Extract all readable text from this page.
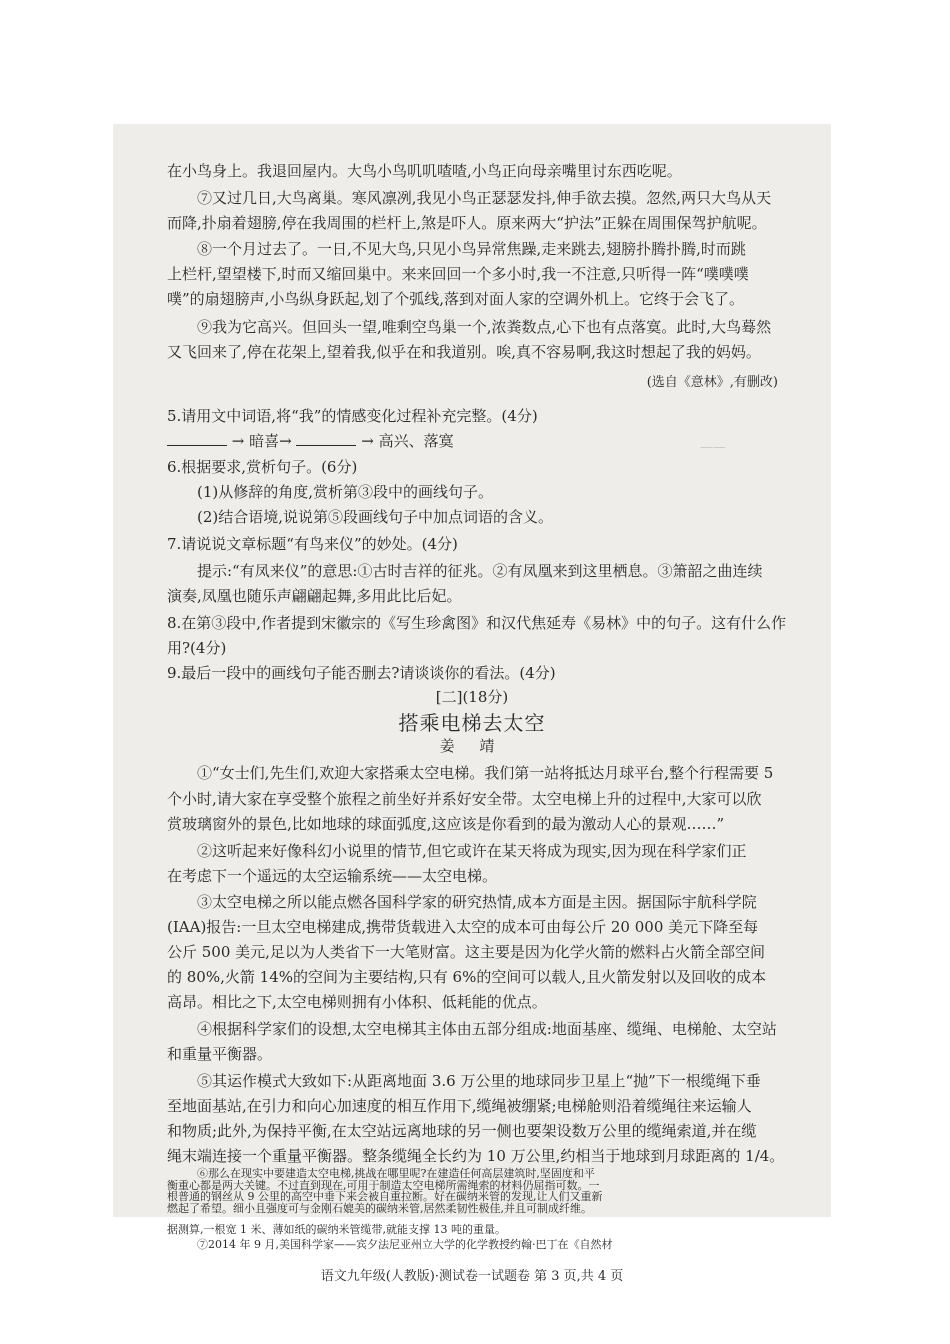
——
在小鸟身上。我退回屋内。大鸟小鸟叽叽喳喳,小鸟正向母亲嘴里讨东西吃呢。
⑦又过几日,大鸟离巢。寒风凛冽,我见小鸟正瑟瑟发抖,伸手欲去摸。忽然,两只大鸟从天
而降,扑扇着翅膀,停在我周围的栏杆上,煞是吓人。原来两大“护法”正躲在周围保驾护航呢。
⑧一个月过去了。一日,不见大鸟,只见小鸟异常焦躁,走来跳去,翅膀扑腾扑腾,时而跳
上栏杆,望望楼下,时而又缩回巢中。来来回回一个多小时,我一不注意,只听得一阵“噗噗噗
噗”的扇翅膀声,小鸟纵身跃起,划了个弧线,落到对面人家的空调外机上。它终于会飞了。
⑨我为它高兴。但回头一望,唯剩空鸟巢一个,浓粪数点,心下也有点落寞。此时,大鸟蓦然
又飞回来了,停在花架上,望着我,似乎在和我道别。唉,真不容易啊,我这时想起了我的妈妈。
(选自《意林》,有删改)
5.请用文中词语,将“我”的情感变化过程补充完整。(4分)
→ 暗喜→	→ 高兴、落寞
6.根据要求,赏析句子。(6分)
(1)从修辞的角度,赏析第③段中的画线句子。
(2)结合语境,说说第⑤段画线句子中加点词语的含义。
7.请说说文章标题“有鸟来仪”的妙处。(4分)
提示:“有凤来仪”的意思:①古时吉祥的征兆。②有凤凰来到这里栖息。③箫韶之曲连续
演奏,凤凰也随乐声翩翩起舞,多用此比后妃。
8.在第③段中,作者提到宋徽宗的《写生珍禽图》和汉代焦延寿《易林》中的句子。这有什么作
用?(4分)
9.最后一段中的画线句子能否删去?请谈谈你的看法。(4分)
[二](18分)
搭乘电梯去太空
姜 靖
①“女士们,先生们,欢迎大家搭乘太空电梯。我们第一站将抵达月球平台,整个行程需要 5
个小时,请大家在享受整个旅程之前坐好并系好安全带。太空电梯上升的过程中,大家可以欣
赏玻璃窗外的景色,比如地球的球面弧度,这应该是你看到的最为激动人心的景观……”
②这听起来好像科幻小说里的情节,但它或许在某天将成为现实,因为现在科学家们正
在考虑下一个遥远的太空运输系统——太空电梯。
③太空电梯之所以能点燃各国科学家的研究热情,成本方面是主因。据国际宇航科学院
(IAA)报告:一旦太空电梯建成,携带货载进入太空的成本可由每公斤 20 000 美元下降至每
公斤 500 美元,足以为人类省下一大笔财富。这主要是因为化学火箭的燃料占火箭全部空间
的 80%,火箭 14%的空间为主要结构,只有 6%的空间可以载人,且火箭发射以及回收的成本
高昂。相比之下,太空电梯则拥有小体积、低耗能的优点。
④根据科学家们的设想,太空电梯其主体由五部分组成:地面基座、缆绳、电梯舱、太空站
和重量平衡器。
⑤其运作模式大致如下:从距离地面 3.6 万公里的地球同步卫星上“抛”下一根缆绳下垂
至地面基站,在引力和向心加速度的相互作用下,缆绳被绷紧;电梯舱则沿着缆绳往来运输人
和物质;此外,为保持平衡,在太空站远离地球的另一侧也要架设数万公里的缆绳索道,并在缆
绳末端连接一个重量平衡器。整条缆绳全长约为 10 万公里,约相当于地球到月球距离的 1/4。
⑥那么在现实中要建造太空电梯,挑战在哪里呢?在建造任何高层建筑时,坚固度和平
衡重心都是两大关键。不过直到现在,可用于制造太空电梯所需绳索的材料仍屈指可数。一
根普通的钢丝从 9 公里的高空中垂下来会被自重拉断。好在碳纳米管的发现,让人们又重新
燃起了希望。细小且强度可与金刚石媲美的碳纳米管,居然柔韧性极佳,并且可制成纤维。
据测算,一根宽 1 米、薄如纸的碳纳米管缆带,就能支撑 13 吨的重量。
⑦2014 年 9 月,美国科学家——宾夕法尼亚州立大学的化学教授约翰·巴丁在《自然材
语文九年级(人教版)·测试卷一试题卷 第 3 页,共 4 页
